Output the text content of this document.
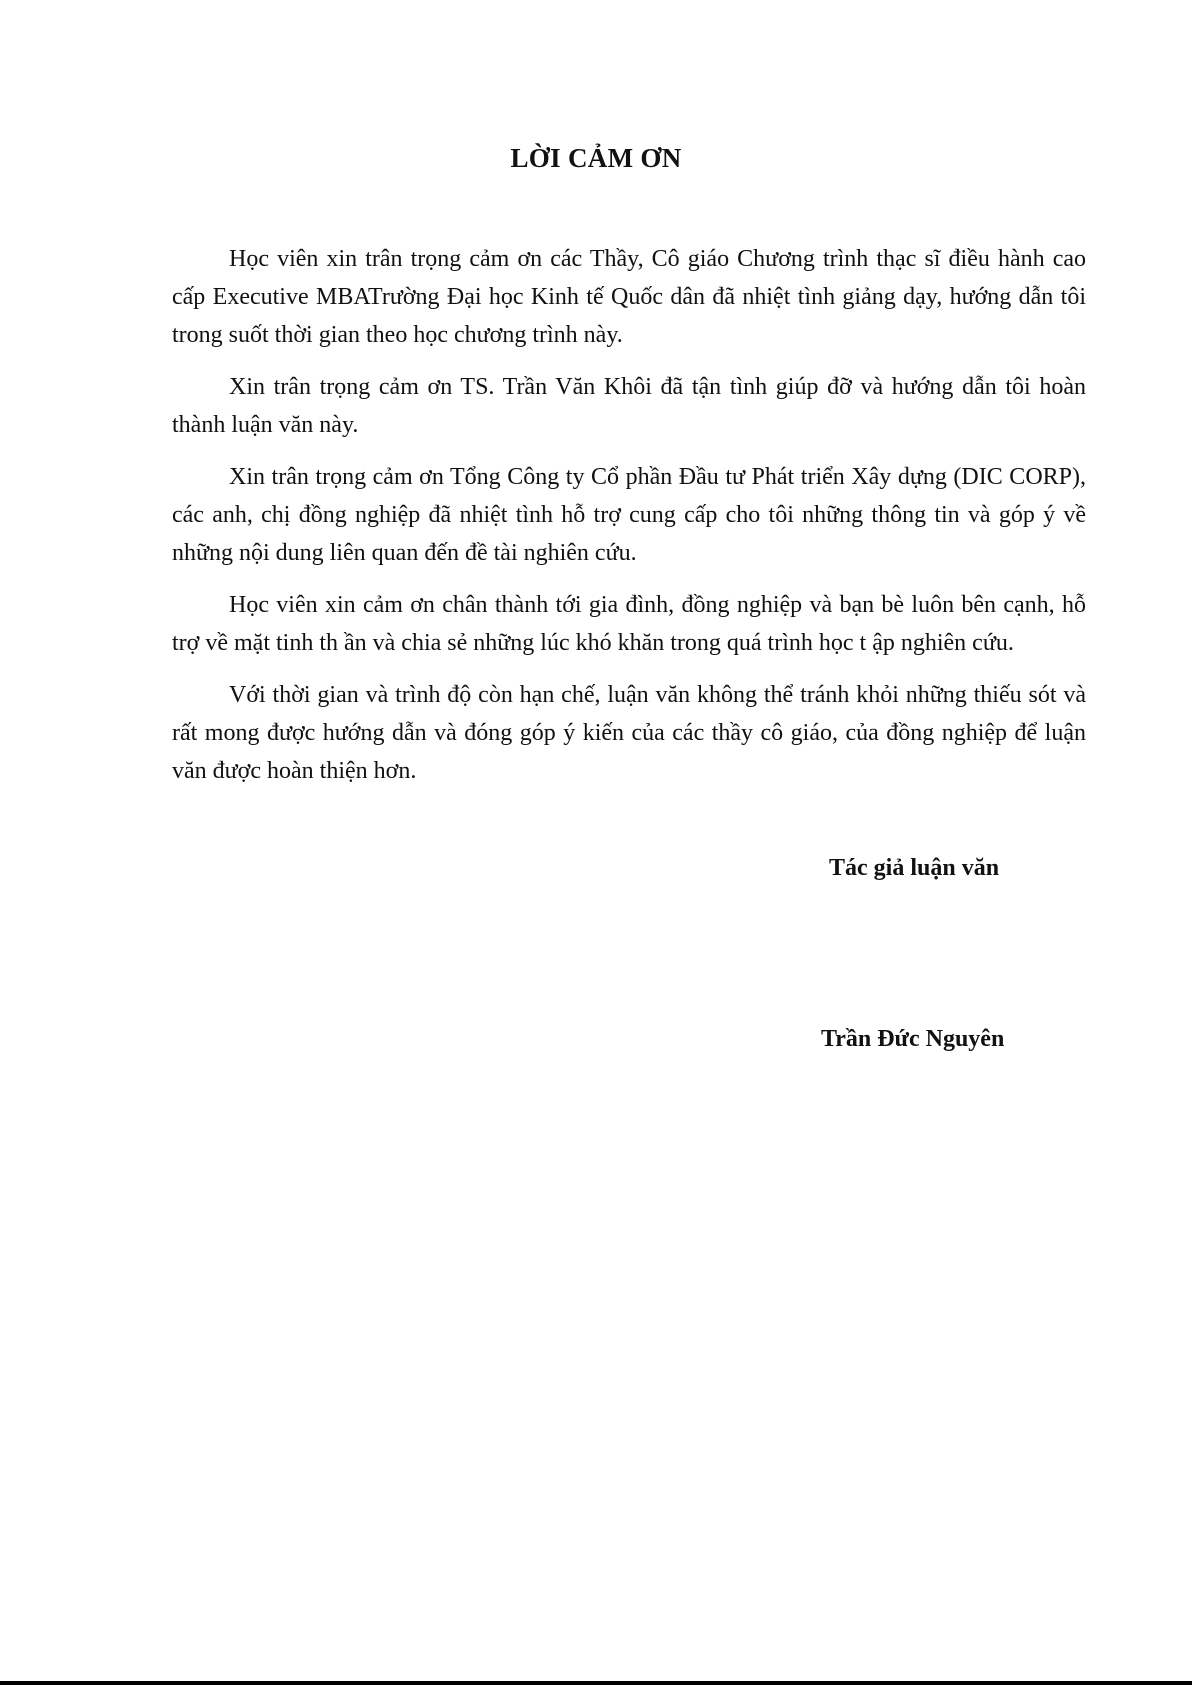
LỜI CẢM ƠN

Học viên xin trân trọng cảm ơn các Thầy, Cô giáo Chương trình thạc sĩ điều hành cao cấp Executive MBATrường Đại học Kinh tế Quốc dân đã nhiệt tình giảng dạy, hướng dẫn tôi trong suốt thời gian theo học chương trình này.

Xin trân trọng cảm ơn TS. Trần Văn Khôi đã tận tình giúp đỡ và hướng dẫn tôi hoàn thành luận văn này.

Xin trân trọng cảm ơn Tổng Công ty Cổ phần Đầu tư Phát triển Xây dựng (DIC CORP), các anh, chị đồng nghiệp đã nhiệt tình hỗ trợ cung cấp cho tôi những thông tin và góp ý về những nội dung liên quan đến đề tài nghiên cứu.

Học viên xin cảm ơn chân thành tới gia đình, đồng nghiệp và bạn bè luôn bên cạnh, hỗ trợ về mặt tinh th ần và chia sẻ những lúc khó khăn trong quá trình học t ập nghiên cứu.

Với thời gian và trình độ còn hạn chế, luận văn không thể tránh khỏi những thiếu sót và rất mong được hướng dẫn và đóng góp ý kiến của các thầy cô giáo, của đồng nghiệp để luận văn được hoàn thiện hơn.

Tác giả luận văn

Trần Đức Nguyên
